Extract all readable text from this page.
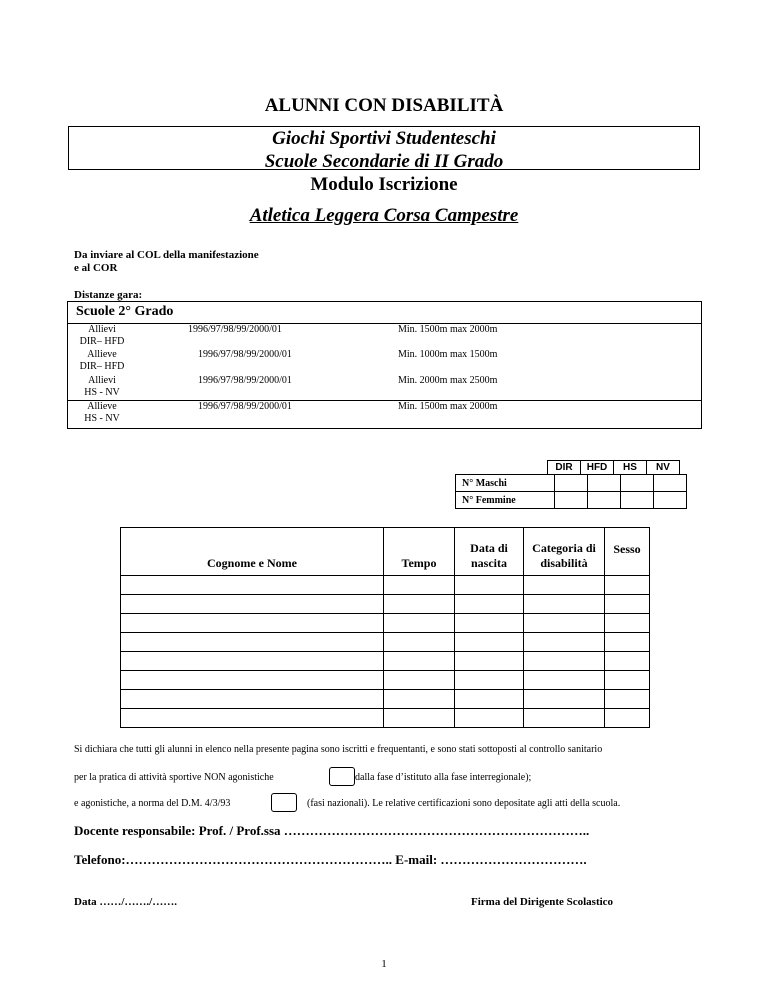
ALUNNI CON DISABILITÀ
Giochi Sportivi Studenteschi
Scuole Secondarie di II Grado
Modulo Iscrizione
Atletica Leggera Corsa Campestre
Da inviare al COL della manifestazione
e al COR
Distanze gara:
Scuole 2° Grado
Allievi
DIR– HFD
1996/97/98/99/2000/01	Min. 1500m max 2000m
Allieve
DIR– HFD
1996/97/98/99/2000/01	Min. 1000m max 1500m
Allievi
HS - NV
1996/97/98/99/2000/01	Min. 2000m max 2500m
Allieve
HS - NV
1996/97/98/99/2000/01	Min. 1500m max 2000m
DIR	HFD	HS	NV
N° Maschi				
N° Femmine				
Cognome e Nome	Tempo	Data di nascita	Categoria di disabilità	Sesso

Si dichiara che tutti gli alunni in elenco nella presente pagina sono iscritti e frequentanti, e sono stati sottoposti al controllo sanitario
per la pratica di attività sportive NON agonistiche	dalla fase d’istituto alla fase interregionale);
e agonistiche, a norma del D.M. 4/3/93	(fasi nazionali). Le relative certificazioni sono depositate agli atti della scuola.
Docente responsabile: Prof. / Prof.ssa ……………………………………………………………..
Telefono:…………………………………………………….. E-mail: …………………………….
Data ……/……./…….	Firma del Dirigente Scolastico
1
